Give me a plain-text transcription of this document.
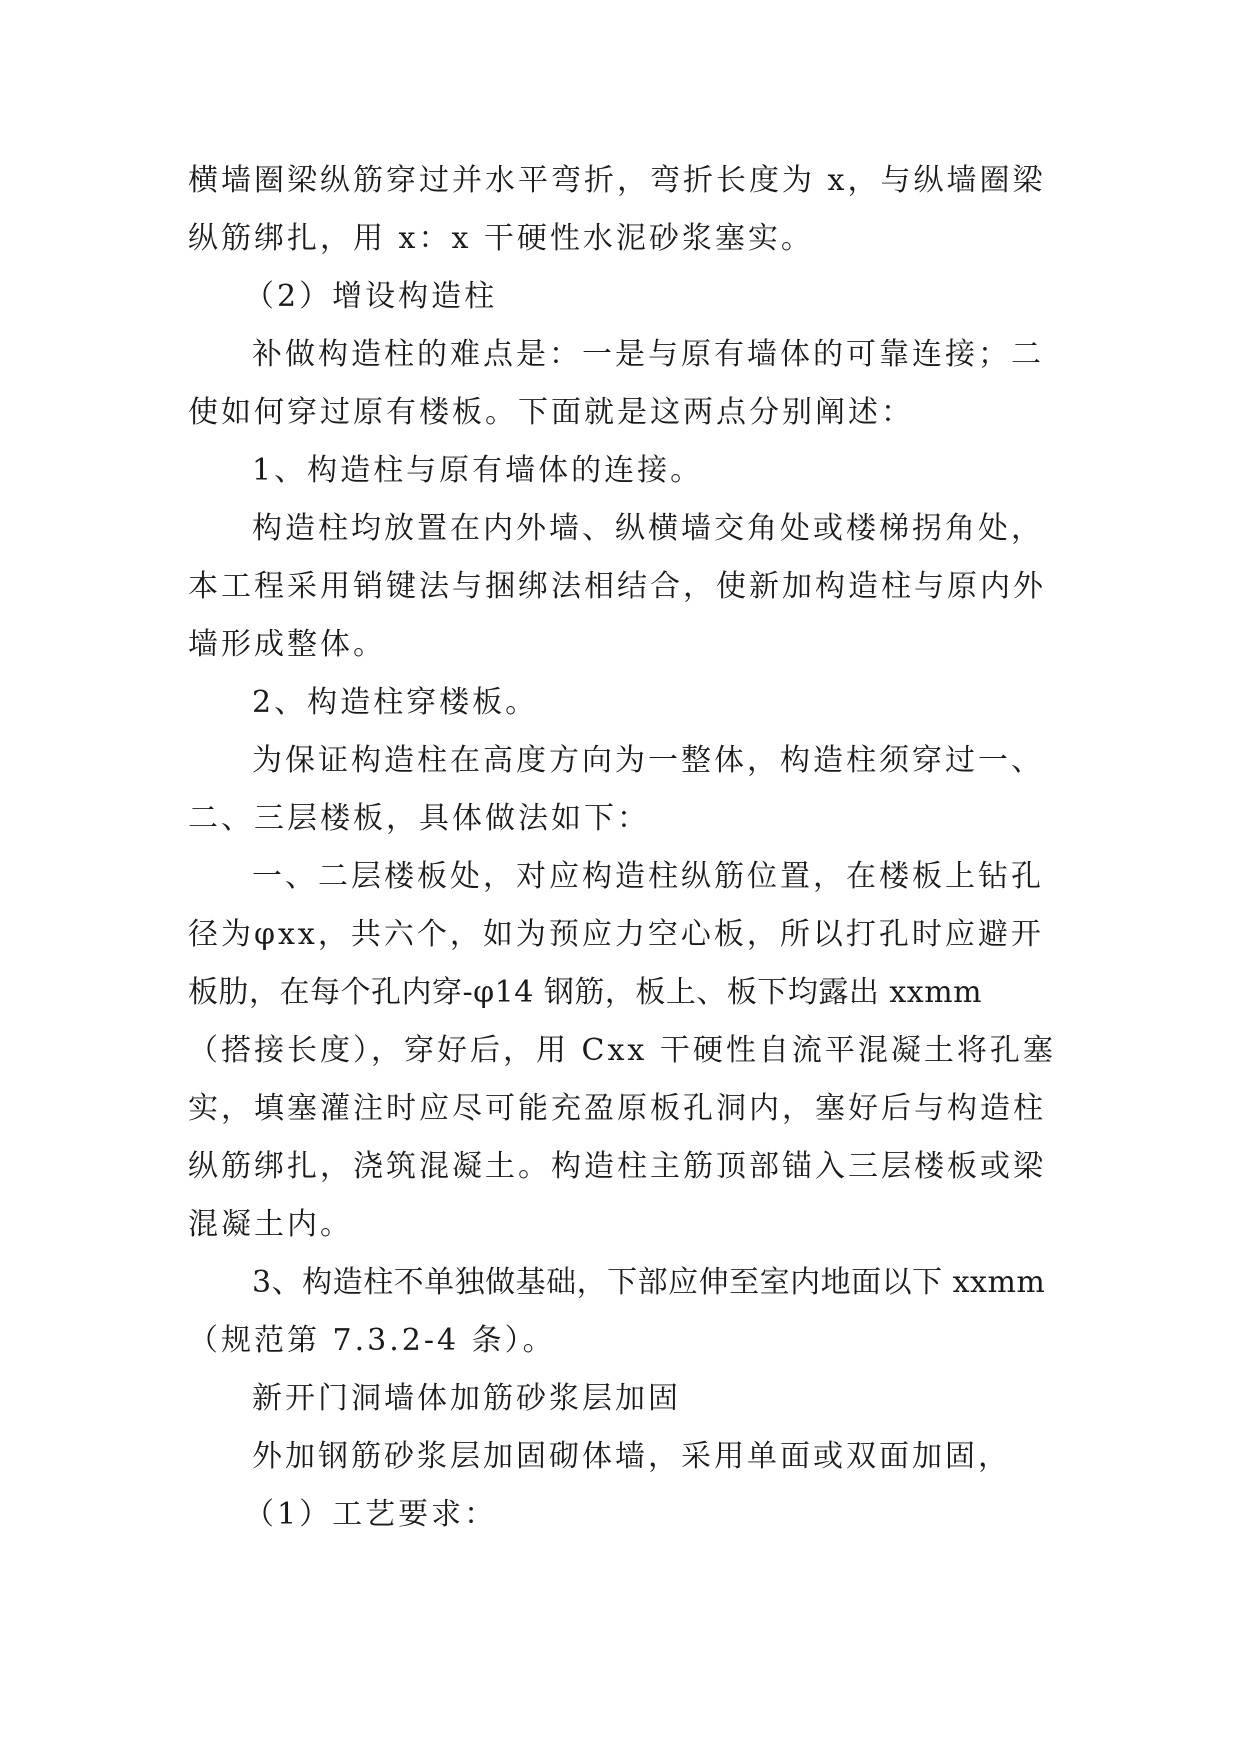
横墙圈梁纵筋穿过并水平弯折，弯折长度为 x，与纵墙圈梁
纵筋绑扎，用 x：x 干硬性水泥砂浆塞实。
（2）增设构造柱
补做构造柱的难点是：一是与原有墙体的可靠连接；二
使如何穿过原有楼板。下面就是这两点分别阐述：
1、构造柱与原有墙体的连接。
构造柱均放置在内外墙、纵横墙交角处或楼梯拐角处，
本工程采用销键法与捆绑法相结合，使新加构造柱与原内外
墙形成整体。
2、构造柱穿楼板。
为保证构造柱在高度方向为一整体，构造柱须穿过一、
二、三层楼板，具体做法如下：
一、二层楼板处，对应构造柱纵筋位置，在楼板上钻孔
径为φxx，共六个，如为预应力空心板，所以打孔时应避开
板肋，在每个孔内穿-φ14 钢筋，板上、板下均露出 xxmm
（搭接长度），穿好后，用 Cxx 干硬性自流平混凝土将孔塞
实，填塞灌注时应尽可能充盈原板孔洞内，塞好后与构造柱
纵筋绑扎，浇筑混凝土。构造柱主筋顶部锚入三层楼板或梁
混凝土内。
3、构造柱不单独做基础，下部应伸至室内地面以下 xxmm
（规范第 7.3.2-4 条）。
新开门洞墙体加筋砂浆层加固
外加钢筋砂浆层加固砌体墙，采用单面或双面加固，
（1）工艺要求：
